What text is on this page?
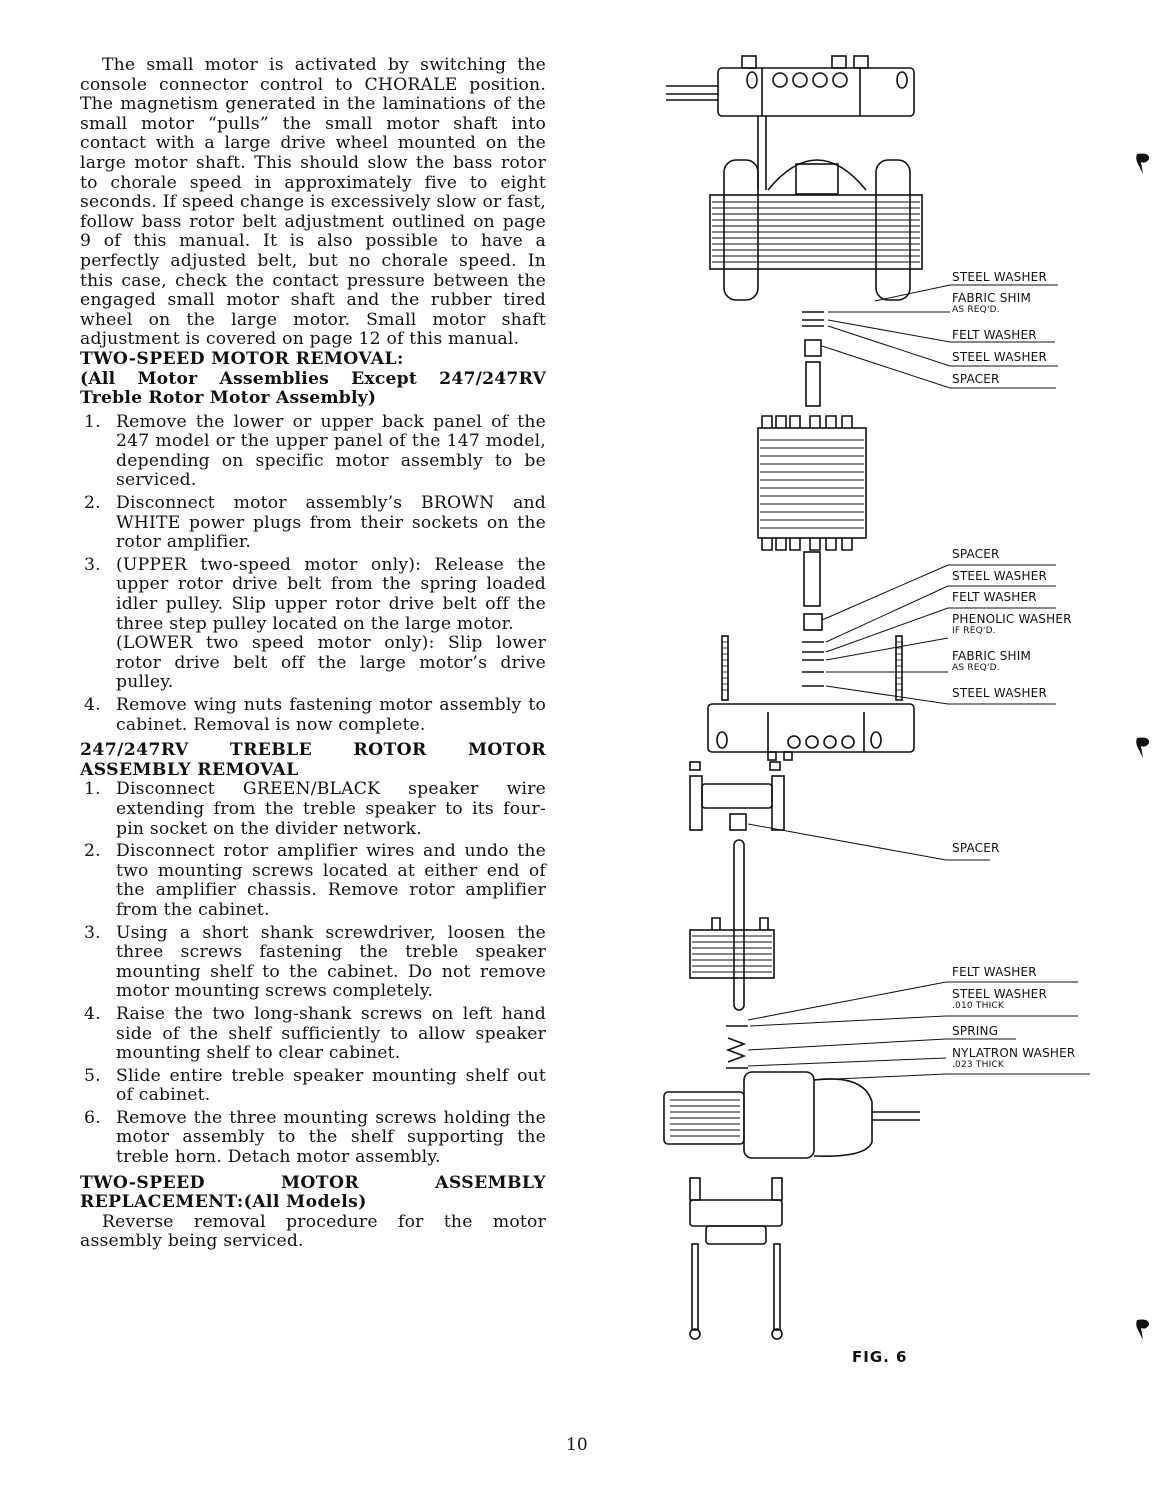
The small motor is activated by switching the console connector control to CHORALE position. The magnetism generated in the laminations of the small motor “pulls” the small motor shaft into contact with a large drive wheel mounted on the large motor shaft. This should slow the bass rotor to chorale speed in approximately five to eight seconds. If speed change is excessively slow or fast, follow bass rotor belt adjustment outlined on page 9 of this manual. It is also possible to have a perfectly adjusted belt, but no chorale speed. In this case, check the contact pressure between the engaged small motor shaft and the rubber tired wheel on the large motor. Small motor shaft adjustment is covered on page 12 of this manual.

TWO-SPEED MOTOR REMOVAL:

(All Motor Assemblies Except 247/247RV Treble Rotor Motor Assembly)

1. Remove the lower or upper back panel of the 247 model or the upper panel of the 147 model, depending on specific motor assembly to be serviced.
2. Disconnect motor assembly’s BROWN and WHITE power plugs from their sockets on the rotor amplifier.
3. (UPPER two-speed motor only): Release the upper rotor drive belt from the spring loaded idler pulley. Slip upper rotor drive belt off the three step pulley located on the large motor.
(LOWER two speed motor only): Slip lower rotor drive belt off the large motor’s drive pulley.
4. Remove wing nuts fastening motor assembly to cabinet. Removal is now complete.

247/247RV TREBLE ROTOR MOTOR ASSEMBLY REMOVAL

1. Disconnect GREEN/BLACK speaker wire extending from the treble speaker to its four-pin socket on the divider network.
2. Disconnect rotor amplifier wires and undo the two mounting screws located at either end of the amplifier chassis. Remove rotor amplifier from the cabinet.
3. Using a short shank screwdriver, loosen the three screws fastening the treble speaker mounting shelf to the cabinet. Do not remove motor mounting screws completely.
4. Raise the two long-shank screws on left hand side of the shelf sufficiently to allow speaker mounting shelf to clear cabinet.
5. Slide entire treble speaker mounting shelf out of cabinet.
6. Remove the three mounting screws holding the motor assembly to the shelf supporting the treble horn. Detach motor assembly.

TWO-SPEED MOTOR ASSEMBLY REPLACEMENT:(All Models)

Reverse removal procedure for the motor assembly being serviced.

STEEL WASHER
FABRIC SHIM
AS REQ'D.
FELT WASHER
STEEL WASHER
SPACER
SPACER
STEEL WASHER
FELT WASHER
PHENOLIC WASHER
IF REQ'D.
FABRIC SHIM
AS REQ'D.
STEEL WASHER
SPACER
FELT WASHER
STEEL WASHER
.010 THICK
SPRING
NYLATRON WASHER
.023 THICK
FIG. 6
10
